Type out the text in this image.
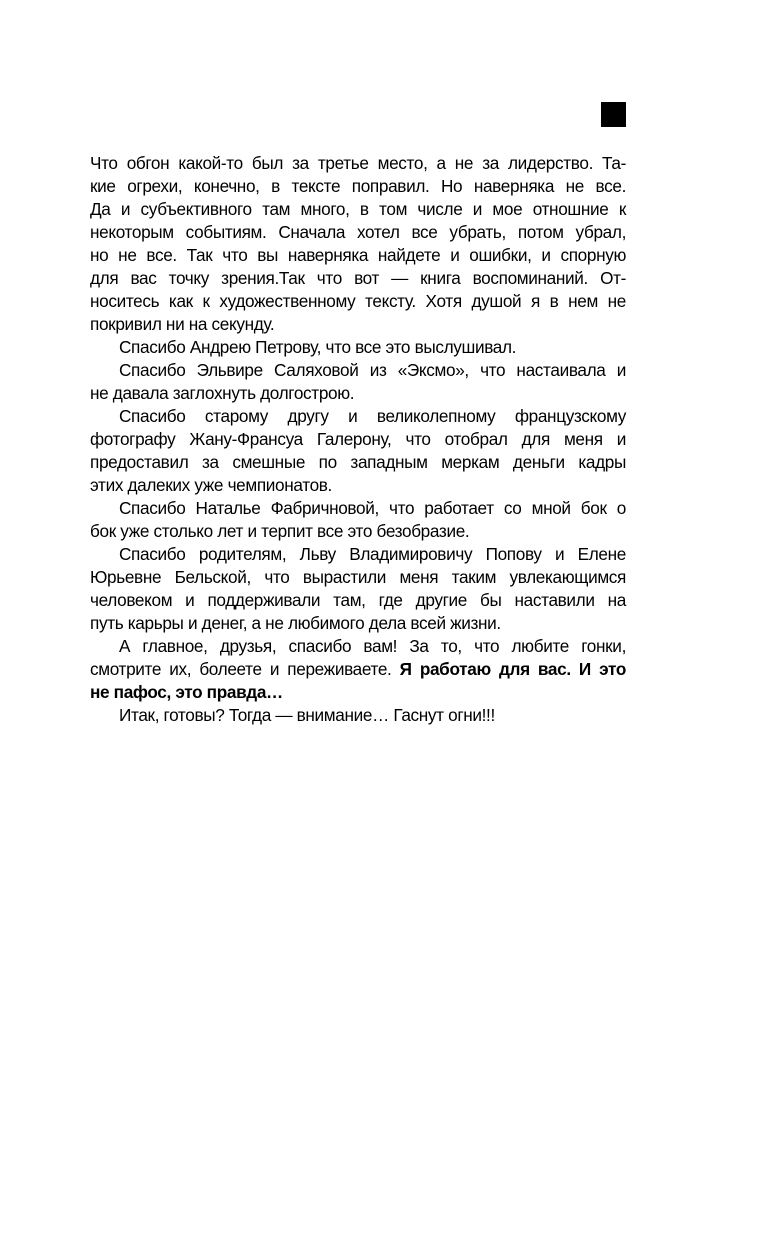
Что обгон какой-то был за третье место, а не за лидерство. Та-
кие огрехи, конечно, в тексте поправил. Но наверняка не все.
Да и субъективного там много, в том числе и мое отношние к
некоторым событиям. Сначала хотел все убрать, потом убрал,
но не все. Так что вы наверняка найдете и ошибки, и спорную
для вас точку зрения.Так что вот — книга воспоминаний. От-
носитесь как к художественному тексту. Хотя душой я в нем не
покривил ни на секунду.
Спасибо Андрею Петрову, что все это выслушивал.
Спасибо Эльвире Саляховой из «Эксмо», что настаивала и
не давала заглохнуть долгострою.
Спасибо старому другу и великолепному французскому
фотографу Жану-Франсуа Галерону, что отобрал для меня и
предоставил за смешные по западным меркам деньги кадры
этих далеких уже чемпионатов.
Спасибо Наталье Фабричновой, что работает со мной бок о
бок уже столько лет и терпит все это безобразие.
Спасибо родителям, Льву Владимировичу Попову и Елене
Юрьевне Бельской, что вырастили меня таким увлекающимся
человеком и поддерживали там, где другие бы наставили на
путь карьры и денег, а не любимого дела всей жизни.
А главное, друзья, спасибо вам! За то, что любите гонки,
смотрите их, болеете и переживаете. Я работаю для вас. И это
не пафос, это правда…
Итак, готовы? Тогда — внимание… Гаснут огни!!!
